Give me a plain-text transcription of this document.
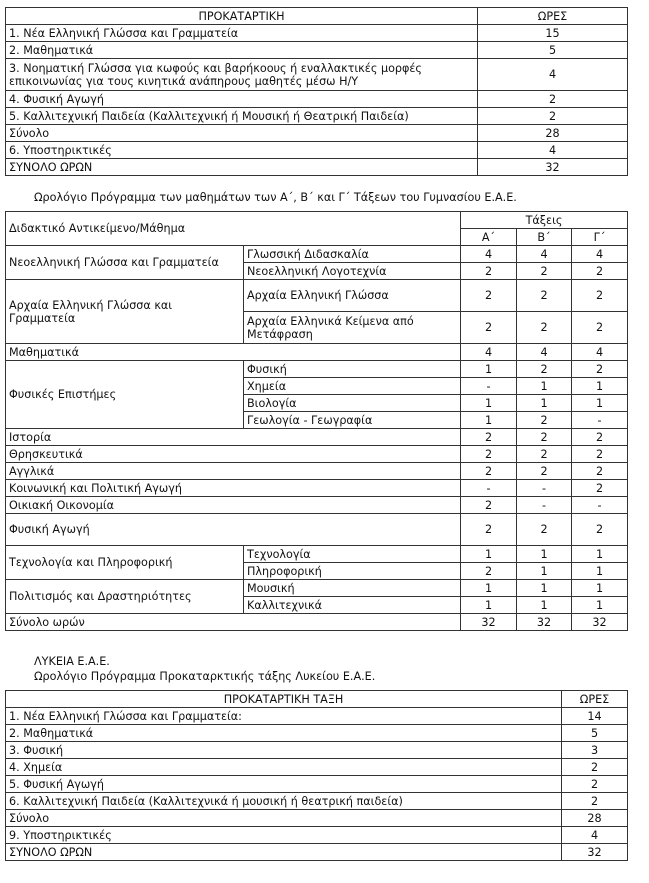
ΠΡΟΚΑΤΑΡΤΙΚΗ	ΩΡΕΣ
1. Νέα Ελληνική Γλώσσα και Γραμματεία	15
2. Μαθηματικά	5
3. Νοηματική Γλώσσα για κωφούς και βαρήκοους ή εναλλακτικές μορφές επικοινωνίας για τους κινητικά ανάπηρους μαθητές μέσω Η/Υ	4
4. Φυσική Αγωγή	2
5. Καλλιτεχνική Παιδεία (Καλλιτεχνική ή Μουσική ή Θεατρική Παιδεία)	2
Σύνολο	28
6. Υποστηρικτικές	4
ΣΥΝΟΛΟ ΩΡΩΝ	32
Ωρολόγιο Πρόγραμμα των μαθημάτων των Α΄, Β΄ και Γ΄ Τάξεων του Γυμνασίου Ε.Α.Ε.
Διδακτικό Αντικείμενο/Μάθημα		Τάξεις		
		Α΄	Β΄	Γ΄
Νεοελληνική Γλώσσα και Γραμματεία	Γλωσσική Διδασκαλία	4	4	4
	Νεοελληνική Λογοτεχνία	2	2	2
Αρχαία Ελληνική Γλώσσα και Γραμματεία	Αρχαία Ελληνική Γλώσσα	2	2	2
	Αρχαία Ελληνικά Κείμενα από Μετάφραση	2	2	2
Μαθηματικά		4	4	4
Φυσικές Επιστήμες	Φυσική	1	2	2
	Χημεία	-	1	1
	Βιολογία	1	1	1
	Γεωλογία - Γεωγραφία	1	2	-
Ιστορία		2	2	2
Θρησκευτικά		2	2	2
Αγγλικά		2	2	2
Κοινωνική και Πολιτική Αγωγή		-	-	2
Οικιακή Οικονομία		2	-	-
Φυσική Αγωγή		2	2	2
Τεχνολογία και Πληροφορική	Τεχνολογία	1	1	1
	Πληροφορική	2	1	1
Πολιτισμός και Δραστηριότητες	Μουσική	1	1	1
	Καλλιτεχνικά	1	1	1
Σύνολο ωρών		32	32	32
ΛΥΚΕΙΑ Ε.Α.Ε.
Ωρολόγιο Πρόγραμμα Προκαταρκτικής τάξης Λυκείου Ε.Α.Ε.
ΠΡΟΚΑΤΑΡΤΙΚΗ ΤΑΞΗ	ΩΡΕΣ
1. Νέα Ελληνική Γλώσσα και Γραμματεία:	14
2. Μαθηματικά	5
3. Φυσική	3
4. Χημεία	2
5. Φυσική Αγωγή	2
6. Καλλιτεχνική Παιδεία (Καλλιτεχνικά ή μουσική ή θεατρική παιδεία)	2
Σύνολο	28
9. Υποστηρικτικές	4
ΣΥΝΟΛΟ ΩΡΩΝ	32
